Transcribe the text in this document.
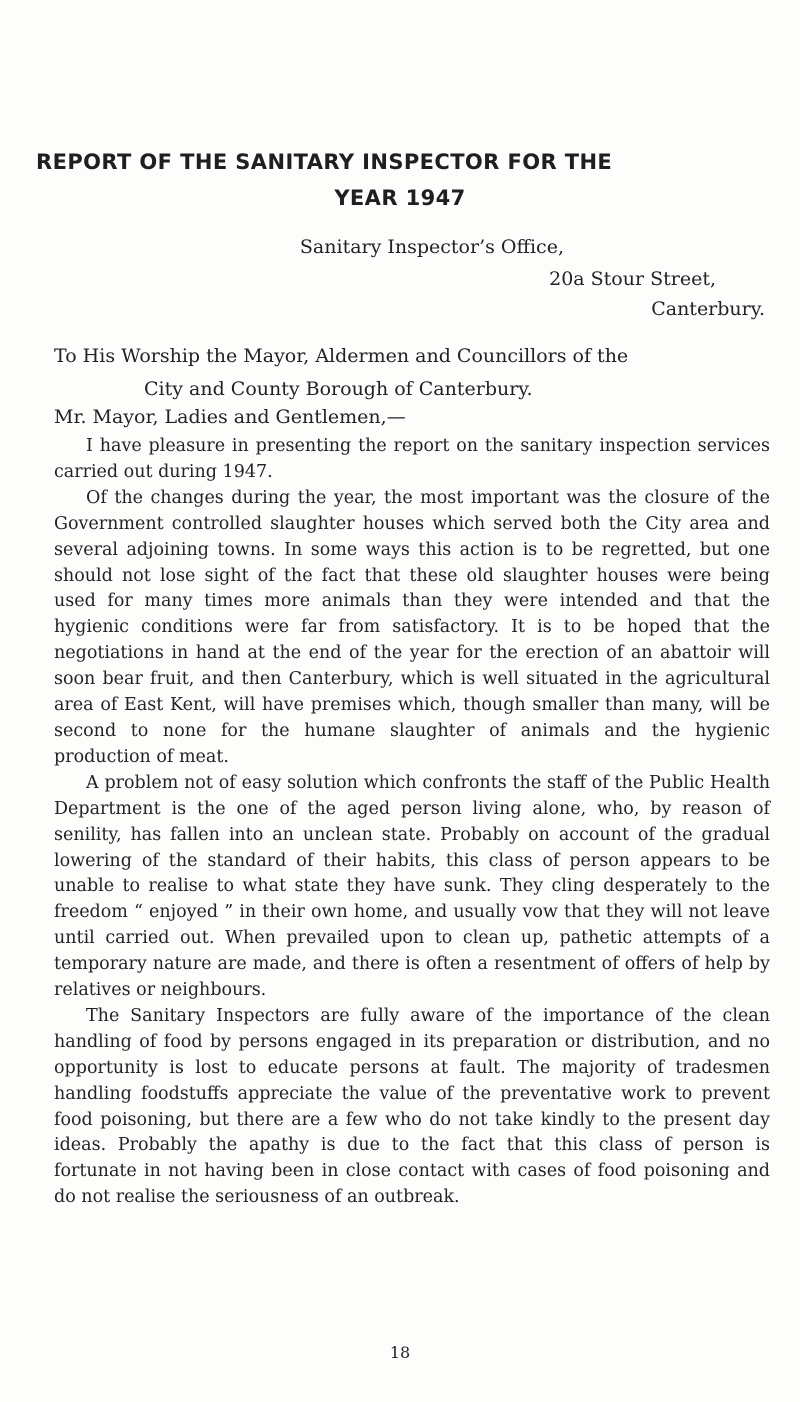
REPORT OF THE SANITARY INSPECTOR FOR THE
YEAR 1947
Sanitary Inspector’s Office,
20a Stour Street,
Canterbury.
To His Worship the Mayor, Aldermen and Councillors of the
City and County Borough of Canterbury.
Mr. Mayor, Ladies and Gentlemen,—

I have pleasure in presenting the report on the sanitary inspection services carried out during 1947.

Of the changes during the year, the most important was the closure of the Government controlled slaughter houses which served both the City area and several adjoining towns. In some ways this action is to be regretted, but one should not lose sight of the fact that these old slaughter houses were being used for many times more animals than they were intended and that the hygienic conditions were far from satisfactory. It is to be hoped that the negotiations in hand at the end of the year for the erection of an abattoir will soon bear fruit, and then Canterbury, which is well situated in the agricultural area of East Kent, will have premises which, though smaller than many, will be second to none for the humane slaughter of animals and the hygienic production of meat.

A problem not of easy solution which confronts the staff of the Public Health Department is the one of the aged person living alone, who, by reason of senility, has fallen into an unclean state. Probably on account of the gradual lowering of the standard of their habits, this class of person appears to be unable to realise to what state they have sunk. They cling desperately to the freedom “ enjoyed ” in their own home, and usually vow that they will not leave until carried out. When prevailed upon to clean up, pathetic attempts of a temporary nature are made, and there is often a resentment of offers of help by relatives or neighbours.

The Sanitary Inspectors are fully aware of the importance of the clean handling of food by persons engaged in its preparation or distribution, and no opportunity is lost to educate persons at fault. The majority of tradesmen handling foodstuffs appreciate the value of the preventative work to prevent food poisoning, but there are a few who do not take kindly to the present day ideas. Probably the apathy is due to the fact that this class of person is fortunate in not having been in close contact with cases of food poisoning and do not realise the seriousness of an outbreak.

18
